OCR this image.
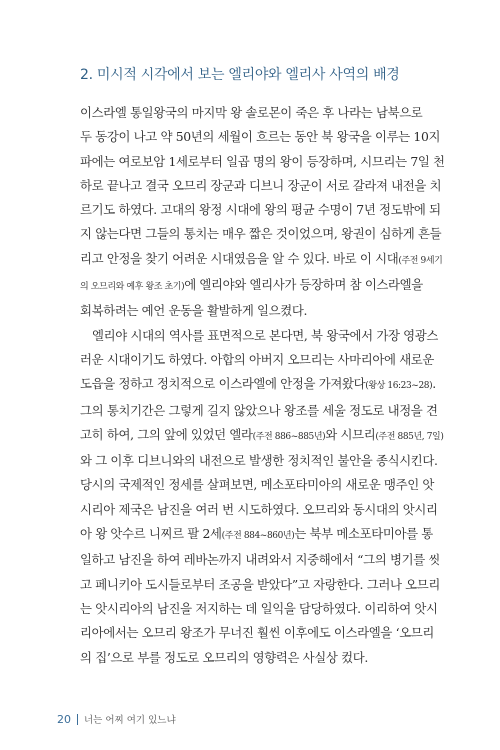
2. 미시적 시각에서 보는 엘리야와 엘리사 사역의 배경
이스라엘 통일왕국의 마지막 왕 솔로몬이 죽은 후 나라는 남북으로
두 동강이 나고 약 50년의 세월이 흐르는 동안 북 왕국을 이루는 10지
파에는 여로보암 1세로부터 일곱 명의 왕이 등장하며, 시므리는 7일 천
하로 끝나고 결국 오므리 장군과 디브니 장군이 서로 갈라져 내전을 치
르기도 하였다. 고대의 왕정 시대에 왕의 평균 수명이 7년 정도밖에 되
지 않는다면 그들의 통치는 매우 짧은 것이었으며, 왕권이 심하게 흔들
리고 안정을 찾기 어려운 시대였음을 알 수 있다. 바로 이 시대(주전 9세기
의 오므리와 예후 왕조 초기)에 엘리야와 엘리사가 등장하며 참 이스라엘을
회복하려는 예언 운동을 활발하게 일으켰다.
엘리야 시대의 역사를 표면적으로 본다면, 북 왕국에서 가장 영광스
러운 시대이기도 하였다. 아합의 아버지 오므리는 사마리아에 새로운
도읍을 정하고 정치적으로 이스라엘에 안정을 가져왔다(왕상 16:23~28).
그의 통치기간은 그렇게 길지 않았으나 왕조를 세울 정도로 내정을 견
고히 하여, 그의 앞에 있었던 엘라(주전 886~885년)와 시므리(주전 885년, 7일)
와 그 이후 디브니와의 내전으로 발생한 정치적인 불안을 종식시킨다.
당시의 국제적인 정세를 살펴보면, 메소포타미아의 새로운 맹주인 앗
시리아 제국은 남진을 여러 번 시도하였다. 오므리와 동시대의 앗시리
아 왕 앗수르 니찌르 팔 2세(주전 884~860년)는 북부 메소포타미아를 통
일하고 남진을 하여 레바논까지 내려와서 지중해에서 “그의 병기를 씻
고 페니키아 도시들로부터 조공을 받았다”고 자랑한다. 그러나 오므리
는 앗시리아의 남진을 저지하는 데 일익을 담당하였다. 이리하여 앗시
리아에서는 오므리 왕조가 무너진 훨씬 이후에도 이스라엘을 ‘오므리
의 집’으로 부를 정도로 오므리의 영향력은 사실상 컸다.
20 너는 어찌 여기 있느냐
